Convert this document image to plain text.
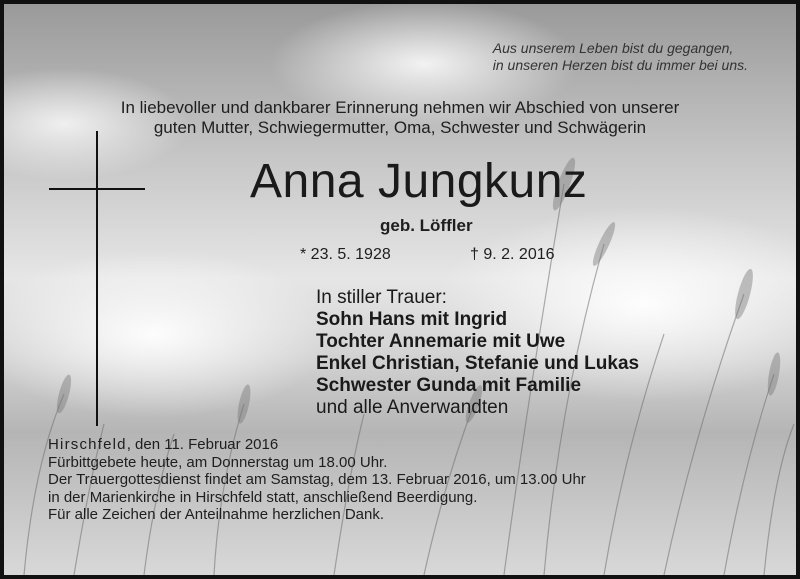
Aus unserem Leben bist du gegangen,
in unseren Herzen bist du immer bei uns.
In liebevoller und dankbarer Erinnerung nehmen wir Abschied von unserer
guten Mutter, Schwiegermutter, Oma, Schwester und Schwägerin
Anna Jungkunz
geb. Löffler
* 23. 5. 1928	† 9. 2. 2016
In stiller Trauer:
Sohn Hans mit Ingrid
Tochter Annemarie mit Uwe
Enkel Christian, Stefanie und Lukas
Schwester Gunda mit Familie
und alle Anverwandten
Hirschfeld, den 11. Februar 2016
Fürbittgebete heute, am Donnerstag um 18.00 Uhr.
Der Trauergottesdienst findet am Samstag, dem 13. Februar 2016, um 13.00 Uhr
in der Marienkirche in Hirschfeld statt, anschließend Beerdigung.
Für alle Zeichen der Anteilnahme herzlichen Dank.
